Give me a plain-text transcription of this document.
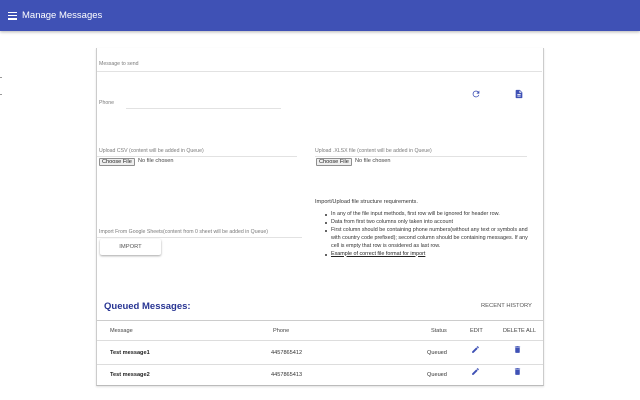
Manage Messages
Message to send
Phone
Upload CSV (content will be added in Queue)
Choose File	No file chosen
Upload .XLSX file (content will be added in Queue)
Choose File	No file chosen
Import From Google Sheets(content from 0 sheet will be added in Queue)
IMPORT
Import/Upload file structure requirements.
In any of the file input methods, first row will be ignored for header row.
Data from first two columns only taken into account
First column should be containing phone numbers(without any text or symbols and with country code prefixed); second column should be containing messages. If any cell is empty that row is onsidered as last row.
Example of correct file format for import
Queued Messages:	RECENT HISTORY
Message	Phone	Status	EDIT	DELETE ALL
Test message1	4457865412	Queued
Test message2	4457865413	Queued
